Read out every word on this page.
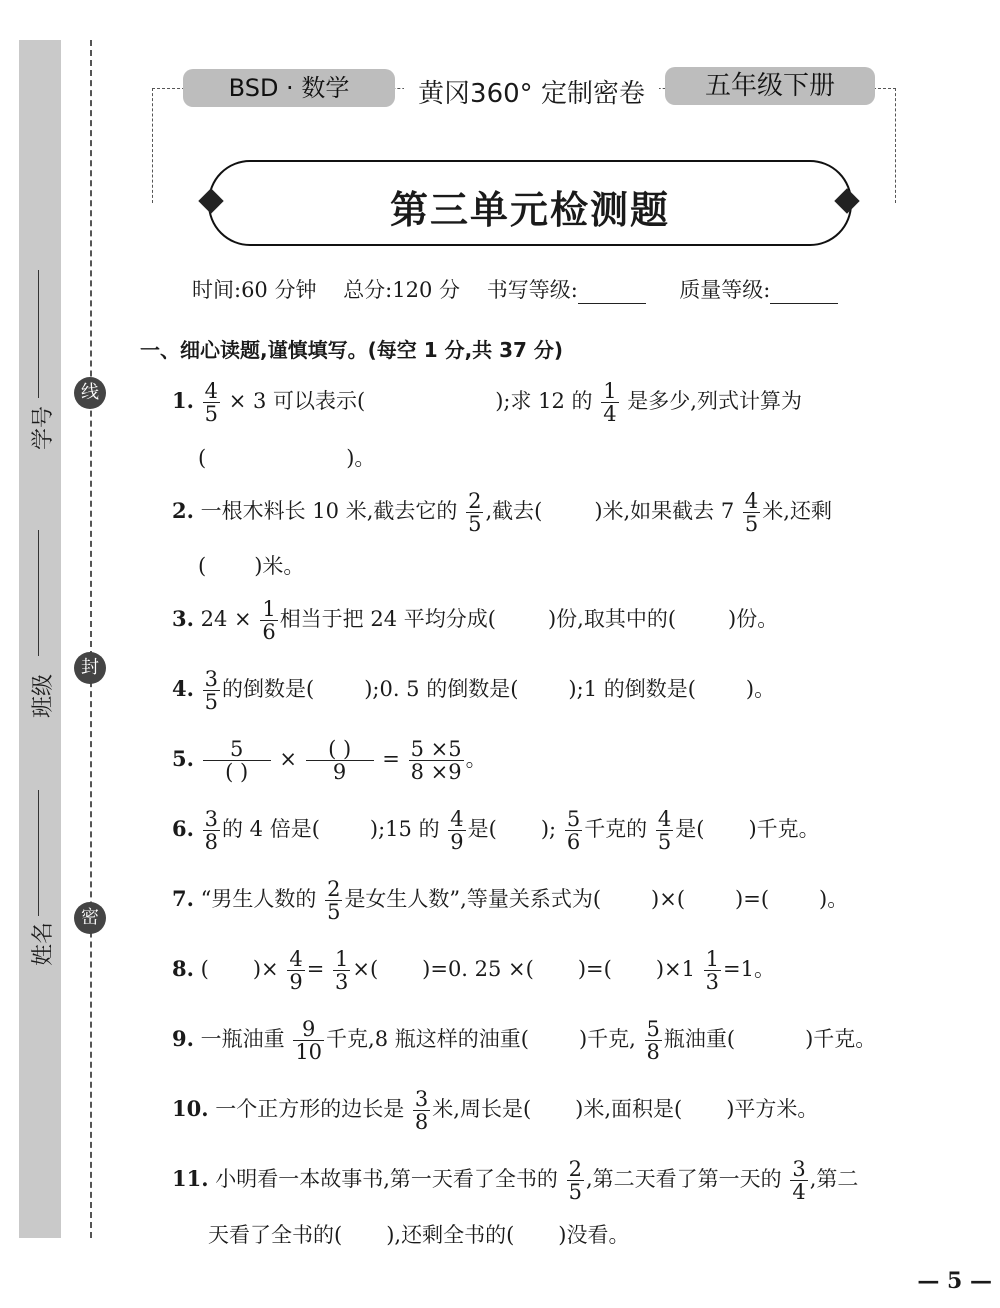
学号
班级
姓名
线
封
密
BSD · 数学	黄冈360° 定制密卷	五年级下册
第三单元检测题
时间:60 分钟 总分:120 分 书写等级:	质量等级:
一、细心读题,谨慎填写。(每空 1 分,共 37 分)
1. $\frac{4}{5} \times 3$ 可以表示(	);求 12 的 $\frac{1}{4}$ 是多少,列式计算为
(	)。
2. 一根木料长 10 米,截去它的 $\frac{2}{5}$ ,截去( )米,如果截去 $7 \frac{4}{5}$ 米,还剩
( )米。
3. $24 \times \frac{1}{6}$ 相当于把 24 平均分成( )份,取其中的( )份。
4. $\frac{3}{5}$ 的倒数是( );0. 5 的倒数是( );1 的倒数是( )。
5. $\frac{5}{( )} \times \frac{( )}{9} = \frac{5 \times 5}{8 \times 9}$ 。
6. $\frac{3}{8}$ 的 4 倍是( );15 的 $\frac{4}{9}$ 是( ); $\frac{5}{6}$ 千克的 $\frac{4}{5}$ 是( )千克。
7. “男生人数的 $\frac{2}{5}$ 是女生人数”,等量关系式为( )×( )=( )。
8. ( )× $\frac{4}{9} = \frac{1}{3}$ ×( )=0. 25 ×( )=( )$\times 1 \frac{1}{3} =1$。
9. 一瓶油重 $\frac{9}{10}$ 千克,8 瓶这样的油重( )千克, $\frac{5}{8}$ 瓶油重(	)千克。
10. 一个正方形的边长是 $\frac{3}{8}$ 米,周长是( )米,面积是( )平方米。
11. 小明看一本故事书,第一天看了全书的 $\frac{2}{5}$ ,第二天看了第一天的 $\frac{3}{4}$ ,第二
天看了全书的( ),还剩全书的( )没看。
— 5 —
